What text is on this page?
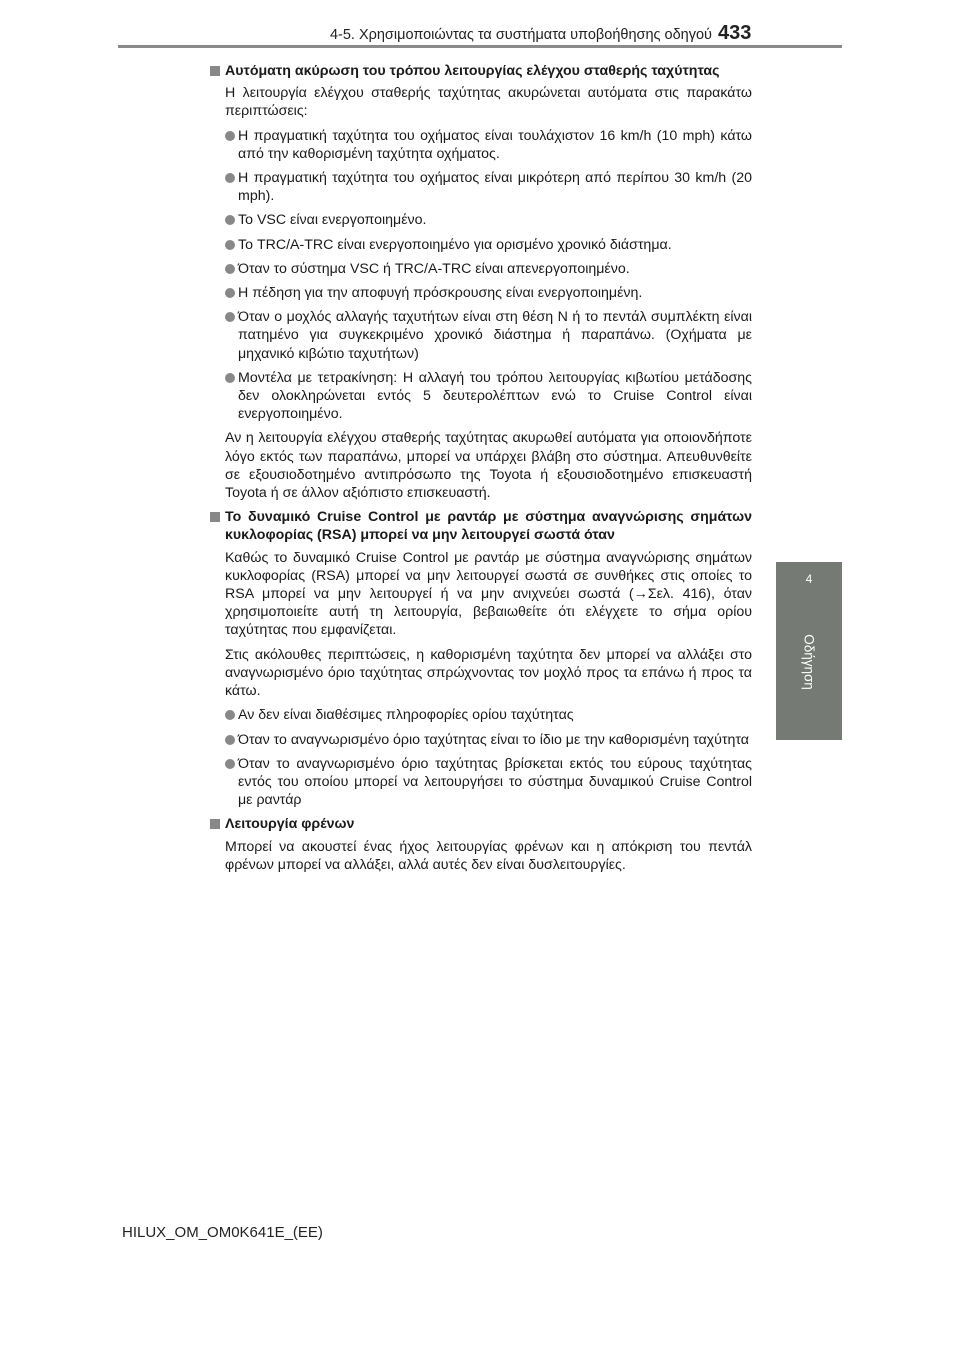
4-5. Χρησιμοποιώντας τα συστήματα υποβοήθησης οδηγού 433
4
Οδήγηση
Αυτόματη ακύρωση του τρόπου λειτουργίας ελέγχου σταθερής ταχύτητας

Η λειτουργία ελέγχου σταθερής ταχύτητας ακυρώνεται αυτόματα στις παρακάτω περιπτώσεις:

Η πραγματική ταχύτητα του οχήματος είναι τουλάχιστον 16 km/h (10 mph) κάτω από την καθορισμένη ταχύτητα οχήματος.
Η πραγματική ταχύτητα του οχήματος είναι μικρότερη από περίπου 30 km/h (20 mph).
Το VSC είναι ενεργοποιημένο.
Το TRC/A-TRC είναι ενεργοποιημένο για ορισμένο χρονικό διάστημα.
Όταν το σύστημα VSC ή TRC/A-TRC είναι απενεργοποιημένο.
Η πέδηση για την αποφυγή πρόσκρουσης είναι ενεργοποιημένη.
Όταν ο μοχλός αλλαγής ταχυτήτων είναι στη θέση N ή το πεντάλ συμπλέκτη είναι πατημένο για συγκεκριμένο χρονικό διάστημα ή παραπάνω. (Οχήματα με μηχανικό κιβώτιο ταχυτήτων)
Μοντέλα με τετρακίνηση: Η αλλαγή του τρόπου λειτουργίας κιβωτίου μετάδοσης δεν ολοκληρώνεται εντός 5 δευτερολέπτων ενώ το Cruise Control είναι ενεργοποιημένο.

Αν η λειτουργία ελέγχου σταθερής ταχύτητας ακυρωθεί αυτόματα για οποιονδήποτε λόγο εκτός των παραπάνω, μπορεί να υπάρχει βλάβη στο σύστημα. Απευθυνθείτε σε εξουσιοδοτημένο αντιπρόσωπο της Toyota ή εξουσιοδοτημένο επισκευαστή Toyota ή σε άλλον αξιόπιστο επισκευαστή.

Το δυναμικό Cruise Control με ραντάρ με σύστημα αναγνώρισης σημάτων κυκλοφορίας (RSA) μπορεί να μην λειτουργεί σωστά όταν

Καθώς το δυναμικό Cruise Control με ραντάρ με σύστημα αναγνώρισης σημάτων κυκλοφορίας (RSA) μπορεί να μην λειτουργεί σωστά σε συνθήκες στις οποίες το RSA μπορεί να μην λειτουργεί ή να μην ανιχνεύει σωστά (→Σελ. 416), όταν χρησιμοποιείτε αυτή τη λειτουργία, βεβαιωθείτε ότι ελέγχετε το σήμα ορίου ταχύτητας που εμφανίζεται.

Στις ακόλουθες περιπτώσεις, η καθορισμένη ταχύτητα δεν μπορεί να αλλάξει στο αναγνωρισμένο όριο ταχύτητας σπρώχνοντας τον μοχλό προς τα επάνω ή προς τα κάτω.

Αν δεν είναι διαθέσιμες πληροφορίες ορίου ταχύτητας
Όταν το αναγνωρισμένο όριο ταχύτητας είναι το ίδιο με την καθορισμένη ταχύτητα
Όταν το αναγνωρισμένο όριο ταχύτητας βρίσκεται εκτός του εύρους ταχύτητας εντός του οποίου μπορεί να λειτουργήσει το σύστημα δυναμικού Cruise Control με ραντάρ
Λειτουργία φρένων

Μπορεί να ακουστεί ένας ήχος λειτουργίας φρένων και η απόκριση του πεντάλ φρένων μπορεί να αλλάξει, αλλά αυτές δεν είναι δυσλειτουργίες.

HILUX_OM_OM0K641E_(EE)
